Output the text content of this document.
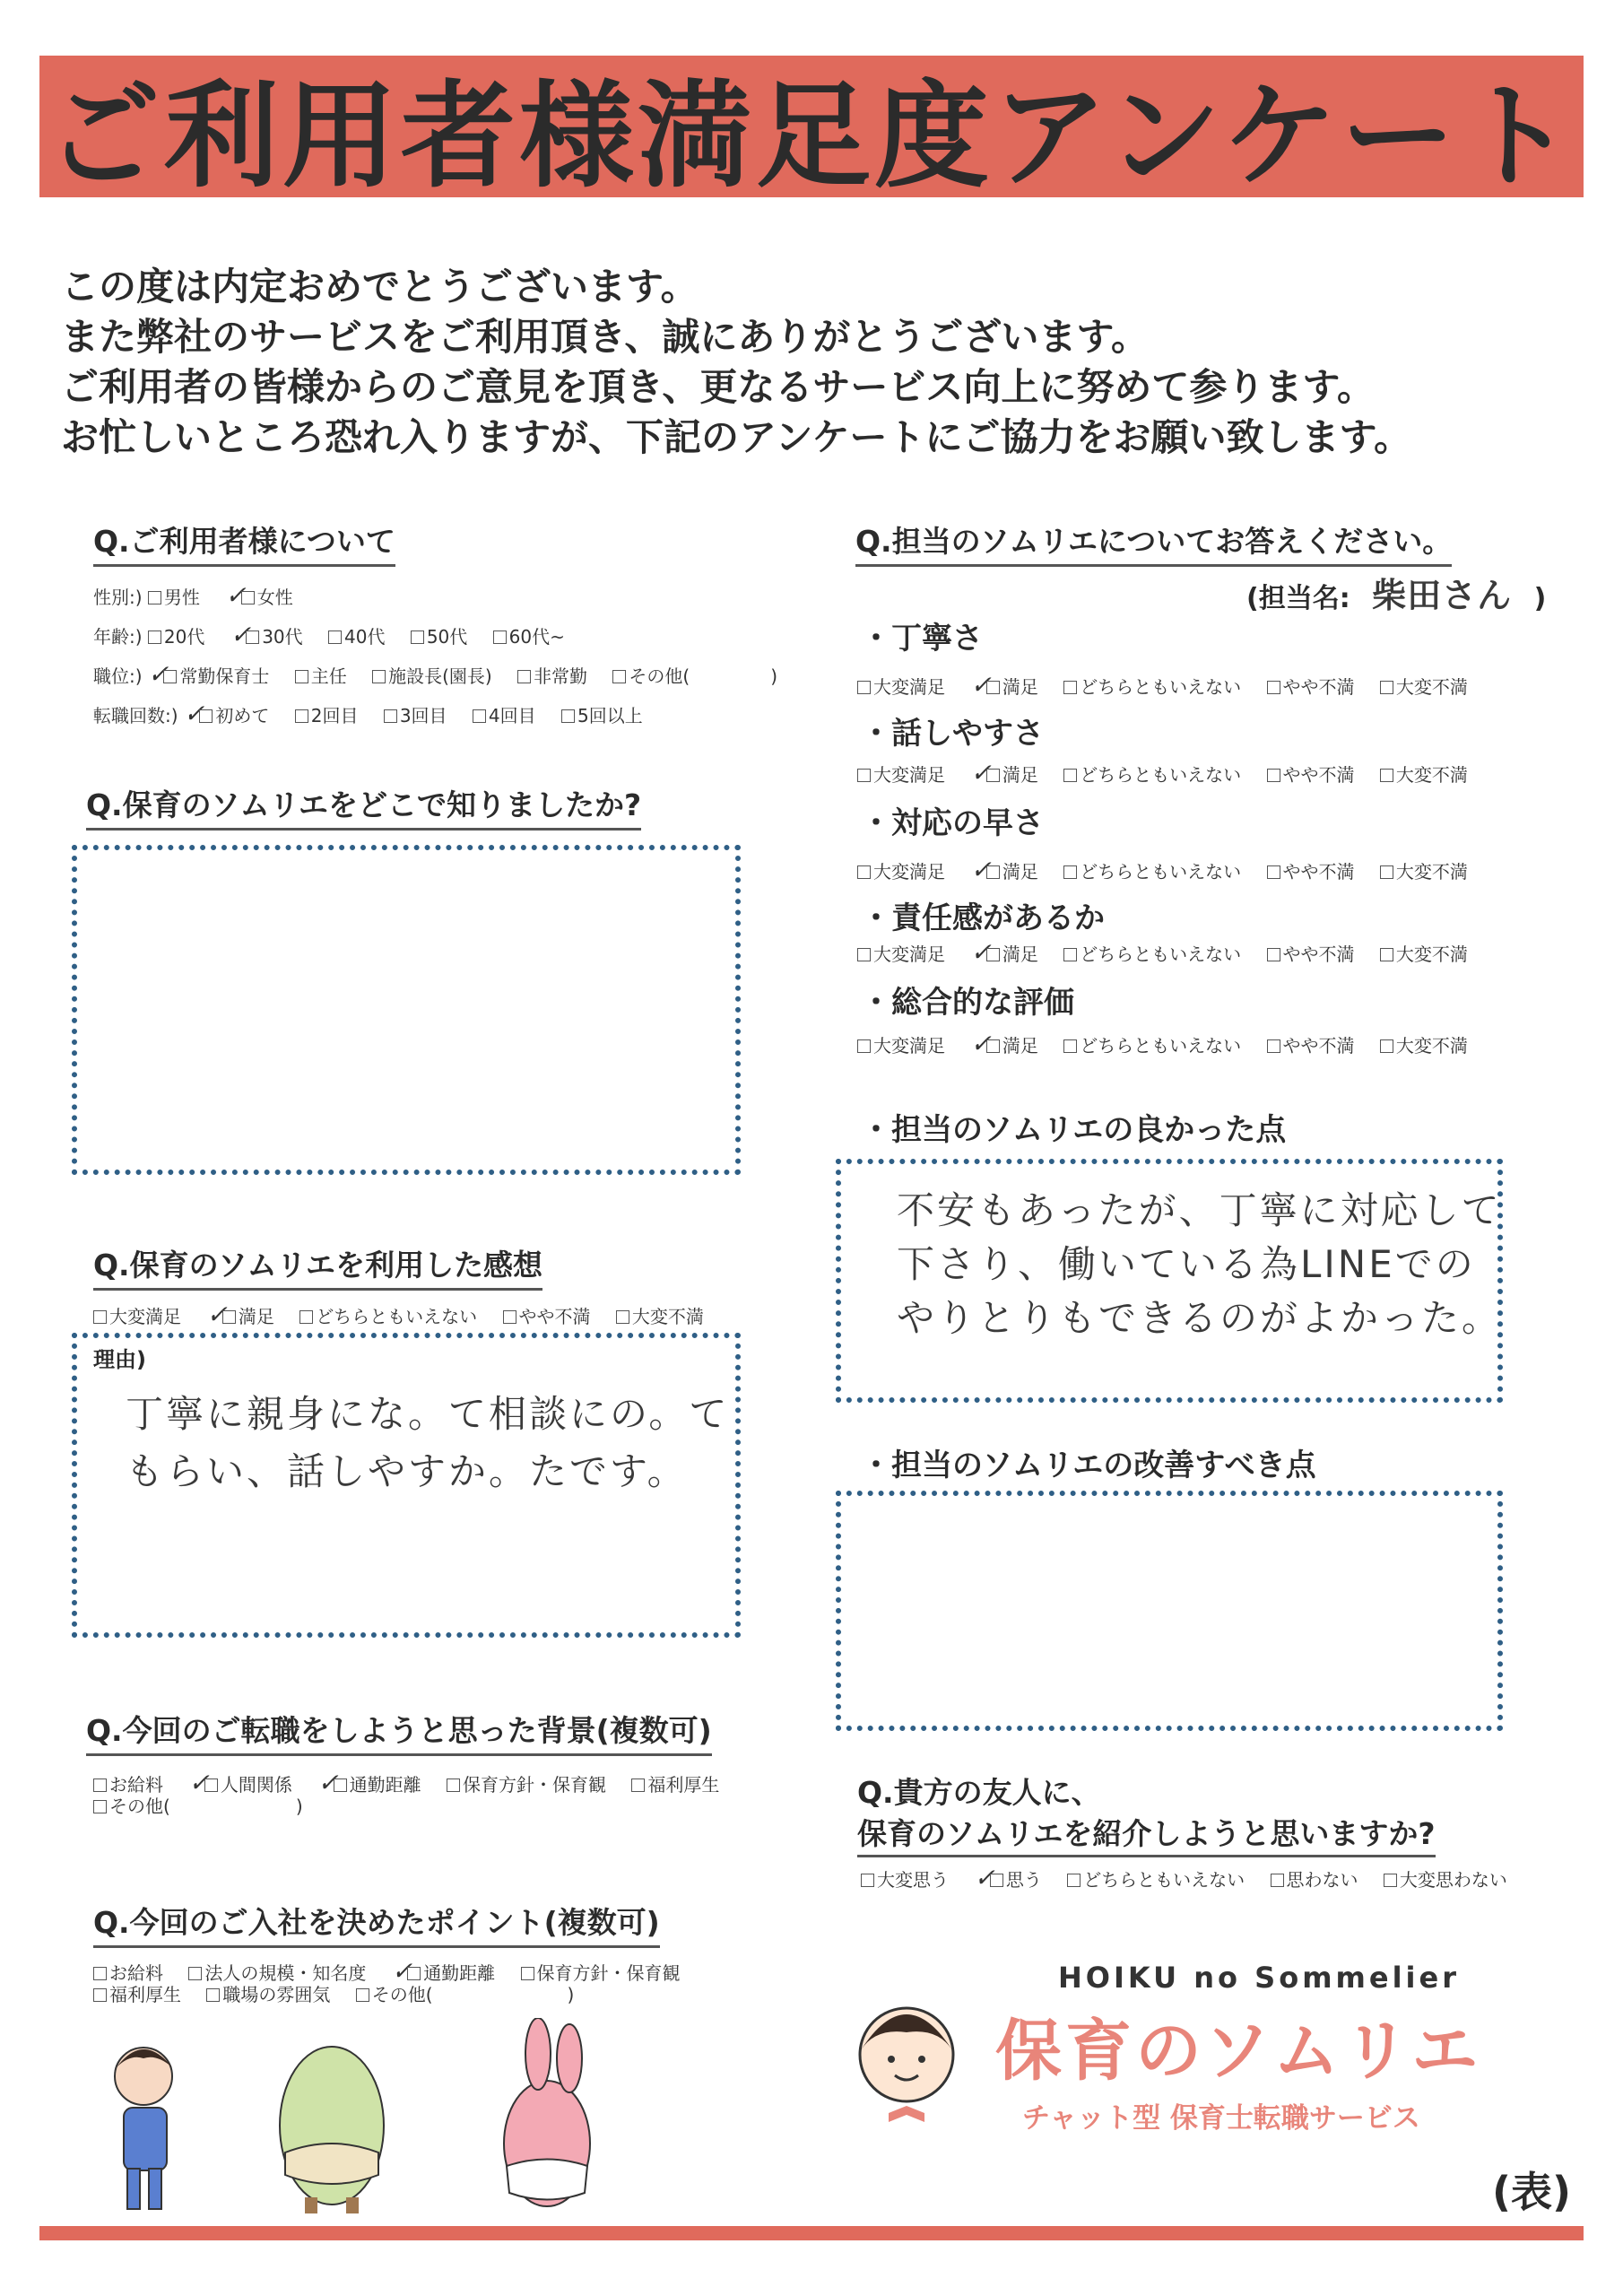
ご利用者様満足度アンケート
この度は内定おめでとうございます。
また弊社のサービスをご利用頂き、誠にありがとうございます。
ご利用者の皆様からのご意見を頂き、更なるサービス向上に努めて参ります。
お忙しいところ恐れ入りますが、下記のアンケートにご協力をお願い致します。
Q.ご利用者様について
性別:) 男性 ✓ 女性
年齢:) 20代 ✓ 30代 40代 50代 60代~
職位:) ✓ 常勤保育士 主任 施設長(園長) 非常勤 その他(	)
転職回数:) ✓ 初めて 2回目 3回目 4回目 5回以上
Q.保育のソムリエをどこで知りましたか?
Q.保育のソムリエを利用した感想
大変満足 ✓ 満足 どちらともいえない やや不満 大変不満
理由)
丁寧に親身にな。て相談にの。て
もらい、話しやすか。たです。
Q.今回のご転職をしようと思った背景(複数可)
お給料 ✓ 人間関係 ✓ 通勤距離 保育方針・保育観 福利厚生
その他(	)
Q.今回のご入社を決めたポイント(複数可)
お給料 法人の規模・知名度 ✓ 通勤距離 保育方針・保育観
福利厚生 職場の雰囲気 その他(	)
Q.担当のソムリエについてお答えください。
(担当名: 柴田さん )
・丁寧さ
大変満足 ✓ 満足 どちらともいえない やや不満 大変不満
・話しやすさ
大変満足 ✓ 満足 どちらともいえない やや不満 大変不満
・対応の早さ
大変満足 ✓ 満足 どちらともいえない やや不満 大変不満
・責任感があるか
大変満足 ✓ 満足 どちらともいえない やや不満 大変不満
・総合的な評価
大変満足 ✓ 満足 どちらともいえない やや不満 大変不満
・担当のソムリエの良かった点
不安もあったが、丁寧に対応して
下さり、働いている為LINEでの
やりとりもできるのがよかった。
・担当のソムリエの改善すべき点
Q.貴方の友人に、
保育のソムリエを紹介しようと思いますか?
大変思う ✓ 思う どちらともいえない 思わない 大変思わない
HOIKU no Sommelier
保育のソムリエ
チャット型 保育士転職サービス
(表)
